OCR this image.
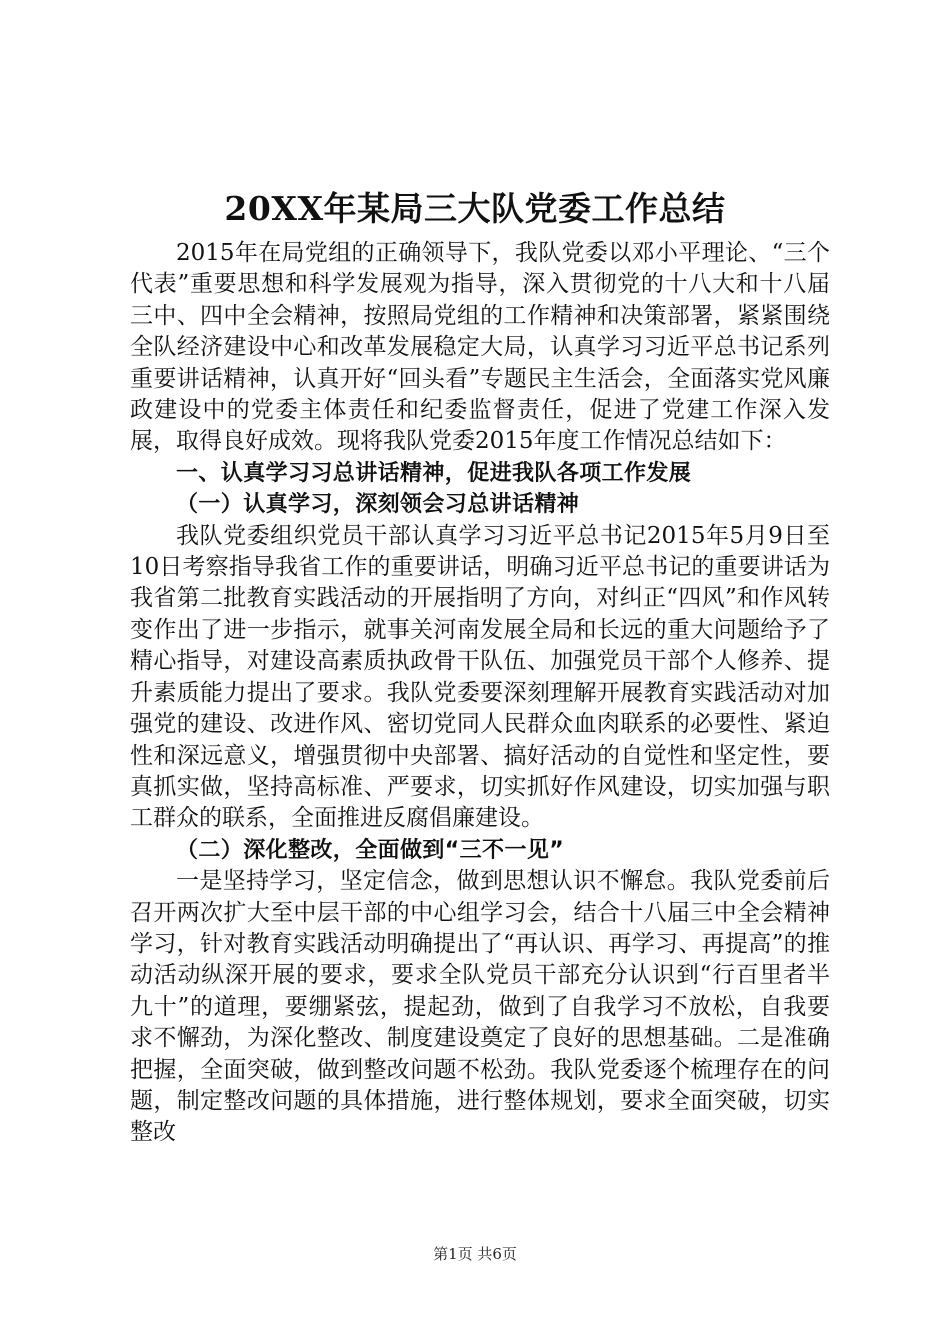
20XX年某局三大队党委工作总结

2015年在局党组的正确领导下，我队党委以邓小平理论、“三个代表”重要思想和科学发展观为指导，深入贯彻党的十八大和十八届三中、四中全会精神，按照局党组的工作精神和决策部署，紧紧围绕全队经济建设中心和改革发展稳定大局，认真学习习近平总书记系列重要讲话精神，认真开好“回头看”专题民主生活会，全面落实党风廉政建设中的党委主体责任和纪委监督责任，促进了党建工作深入发展，取得良好成效。现将我队党委2015年度工作情况总结如下：

一、认真学习习总讲话精神，促进我队各项工作发展

（一）认真学习，深刻领会习总讲话精神

我队党委组织党员干部认真学习习近平总书记2015年5月9日至10日考察指导我省工作的重要讲话，明确习近平总书记的重要讲话为我省第二批教育实践活动的开展指明了方向，对纠正“四风”和作风转变作出了进一步指示，就事关河南发展全局和长远的重大问题给予了精心指导，对建设高素质执政骨干队伍、加强党员干部个人修养、提升素质能力提出了要求。我队党委要深刻理解开展教育实践活动对加强党的建设、改进作风、密切党同人民群众血肉联系的必要性、紧迫性和深远意义，增强贯彻中央部署、搞好活动的自觉性和坚定性，要真抓实做，坚持高标准、严要求，切实抓好作风建设，切实加强与职工群众的联系，全面推进反腐倡廉建设。

（二）深化整改，全面做到“三不一见”

一是坚持学习，坚定信念，做到思想认识不懈怠。我队党委前后召开两次扩大至中层干部的中心组学习会，结合十八届三中全会精神学习，针对教育实践活动明确提出了“再认识、再学习、再提高”的推动活动纵深开展的要求，要求全队党员干部充分认识到“行百里者半九十”的道理，要绷紧弦，提起劲，做到了自我学习不放松，自我要求不懈劲，为深化整改、制度建设奠定了良好的思想基础。二是准确把握，全面突破，做到整改问题不松劲。我队党委逐个梳理存在的问题，制定整改问题的具体措施，进行整体规划，要求全面突破，切实整改

第1页 共6页
